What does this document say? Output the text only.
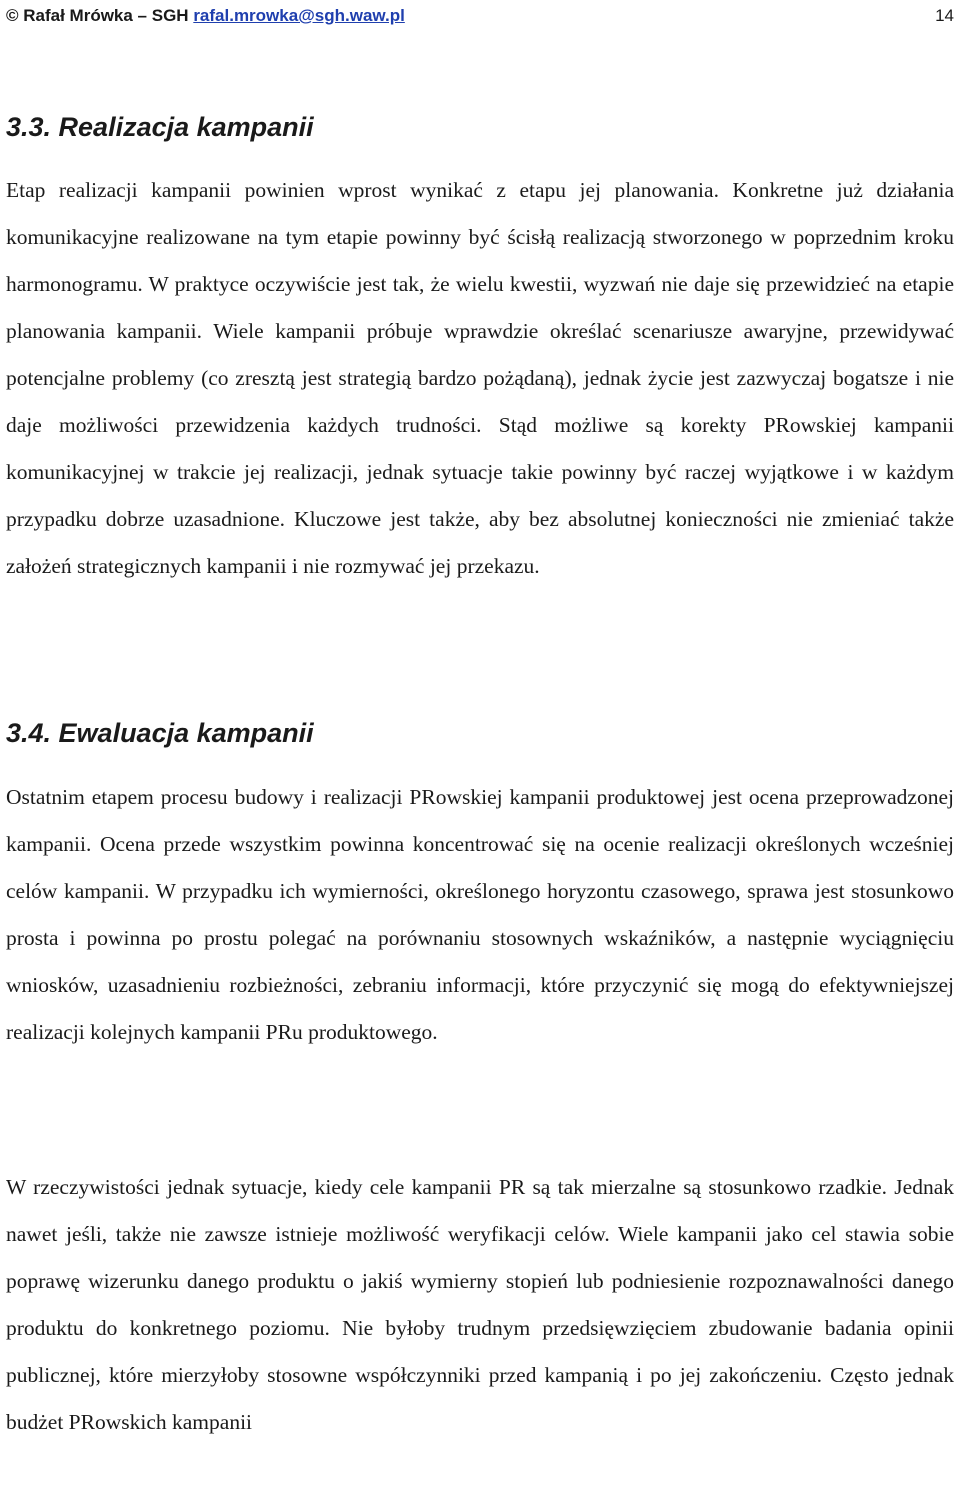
© Rafał Mrówka – SGH rafal.mrowka@sgh.waw.pl	14
3.3. Realizacja kampanii

Etap realizacji kampanii powinien wprost wynikać z etapu jej planowania. Konkretne już działania komunikacyjne realizowane na tym etapie powinny być ścisłą realizacją stworzonego w poprzednim kroku harmonogramu. W praktyce oczywiście jest tak, że wielu kwestii, wyzwań nie daje się przewidzieć na etapie planowania kampanii. Wiele kampanii próbuje wprawdzie określać scenariusze awaryjne, przewidywać potencjalne problemy (co zresztą jest strategią bardzo pożądaną), jednak życie jest zazwyczaj bogatsze i nie daje możliwości przewidzenia każdych trudności. Stąd możliwe są korekty PRowskiej kampanii komunikacyjnej w trakcie jej realizacji, jednak sytuacje takie powinny być raczej wyjątkowe i w każdym przypadku dobrze uzasadnione. Kluczowe jest także, aby bez absolutnej konieczności nie zmieniać także założeń strategicznych kampanii i nie rozmywać jej przekazu.

3.4. Ewaluacja kampanii

Ostatnim etapem procesu budowy i realizacji PRowskiej kampanii produktowej jest ocena przeprowadzonej kampanii. Ocena przede wszystkim powinna koncentrować się na ocenie realizacji określonych wcześniej celów kampanii. W przypadku ich wymierności, określonego horyzontu czasowego, sprawa jest stosunkowo prosta i powinna po prostu polegać na porównaniu stosownych wskaźników, a następnie wyciągnięciu wniosków, uzasadnieniu rozbieżności, zebraniu informacji, które przyczynić się mogą do efektywniejszej realizacji kolejnych kampanii PRu produktowego.

W rzeczywistości jednak sytuacje, kiedy cele kampanii PR są tak mierzalne są stosunkowo rzadkie. Jednak nawet jeśli, także nie zawsze istnieje możliwość weryfikacji celów. Wiele kampanii jako cel stawia sobie poprawę wizerunku danego produktu o jakiś wymierny stopień lub podniesienie rozpoznawalności danego produktu do konkretnego poziomu. Nie byłoby trudnym przedsięwzięciem zbudowanie badania opinii publicznej, które mierzyłoby stosowne współczynniki przed kampanią i po jej zakończeniu. Często jednak budżet PRowskich kampanii
